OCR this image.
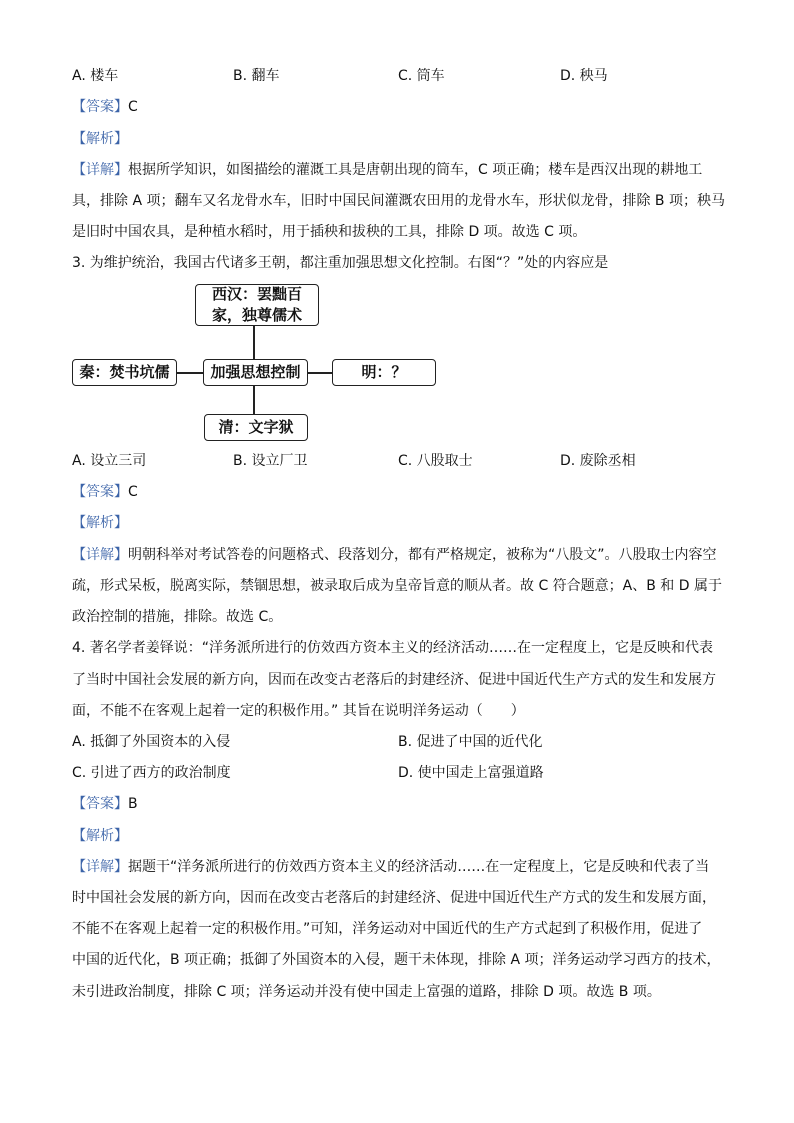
A. 楼车	B. 翻车	C. 筒车	D. 秧马
【答案】C
【解析】
【详解】根据所学知识，如图描绘的灌溉工具是唐朝出现的筒车，C 项正确；楼车是西汉出现的耕地工
具，排除 A 项；翻车又名龙骨水车，旧时中国民间灌溉农田用的龙骨水车，形状似龙骨，排除 B 项；秧马
是旧时中国农具，是种植水稻时，用于插秧和拔秧的工具，排除 D 项。故选 C 项。
3. 为维护统治，我国古代诸多王朝，都注重加强思想文化控制。右图“？”处的内容应是
西汉：罢黜百
家，独尊儒术
秦：焚书坑儒	加强思想控制	明：？
清：文字狱
A. 设立三司	B. 设立厂卫	C. 八股取士	D. 废除丞相
【答案】C
【解析】
【详解】明朝科举对考试答卷的问题格式、段落划分，都有严格规定，被称为“八股文”。八股取士内容空
疏，形式呆板，脱离实际，禁锢思想，被录取后成为皇帝旨意的顺从者。故 C 符合题意；A、B 和 D 属于
政治控制的措施，排除。故选 C。
4. 著名学者姜铎说：“洋务派所进行的仿效西方资本主义的经济活动……在一定程度上，它是反映和代表
了当时中国社会发展的新方向，因而在改变古老落后的封建经济、促进中国近代生产方式的发生和发展方
面，不能不在客观上起着一定的积极作用。” 其旨在说明洋务运动（　　）
A. 抵御了外国资本的入侵	B. 促进了中国的近代化
C. 引进了西方的政治制度	D. 使中国走上富强道路
【答案】B
【解析】
【详解】据题干“洋务派所进行的仿效西方资本主义的经济活动……在一定程度上，它是反映和代表了当
时中国社会发展的新方向，因而在改变古老落后的封建经济、促进中国近代生产方式的发生和发展方面，
不能不在客观上起着一定的积极作用。”可知，洋务运动对中国近代的生产方式起到了积极作用，促进了
中国的近代化，B 项正确；抵御了外国资本的入侵，题干未体现，排除 A 项；洋务运动学习西方的技术，
未引进政治制度，排除 C 项；洋务运动并没有使中国走上富强的道路，排除 D 项。故选 B 项。
